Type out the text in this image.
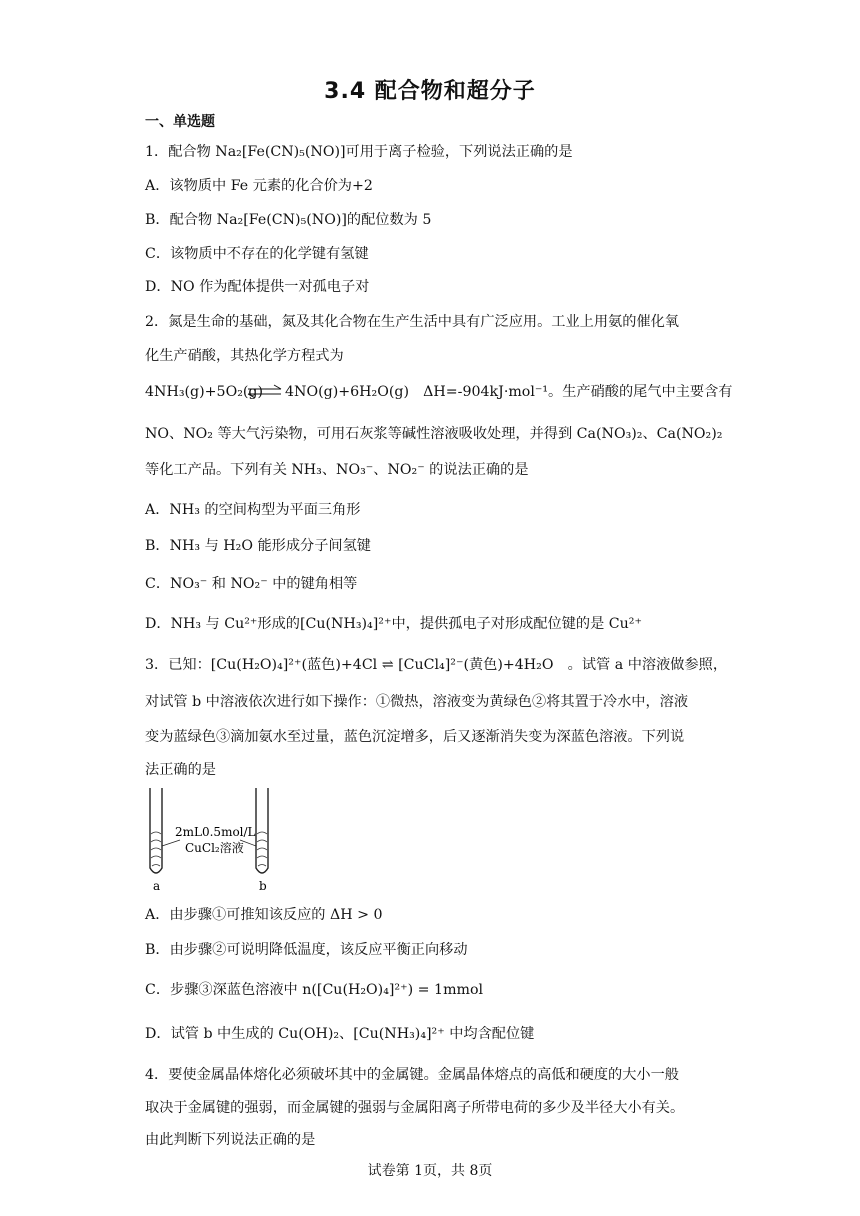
3.4 配合物和超分子
一、单选题
1．配合物 Na₂[Fe(CN)₅(NO)]可用于离子检验，下列说法正确的是
A．该物质中 Fe 元素的化合价为+2
B．配合物 Na₂[Fe(CN)₅(NO)]的配位数为 5
C．该物质中不存在的化学键有氢键
D．NO 作为配体提供一对孤电子对
2．氮是生命的基础，氮及其化合物在生产生活中具有广泛应用。工业上用氨的催化氧
化生产硝酸，其热化学方程式为
4NH₃(g)+5O₂(g) ⇌ 4NO(g)+6H₂O(g)　ΔH=-904kJ·mol⁻¹。生产硝酸的尾气中主要含有
NO、NO₂ 等大气污染物，可用石灰浆等碱性溶液吸收处理，并得到 Ca(NO₃)₂、Ca(NO₂)₂
等化工产品。下列有关 NH₃、NO₃⁻、NO₂⁻ 的说法正确的是
A．NH₃ 的空间构型为平面三角形
B．NH₃ 与 H₂O 能形成分子间氢键
C．NO₃⁻ 和 NO₂⁻ 中的键角相等
D．NH₃ 与 Cu²⁺形成的[Cu(NH₃)₄]²⁺中，提供孤电子对形成配位键的是 Cu²⁺
3．已知：[Cu(H₂O)₄]²⁺(蓝色)+4Cl ⇌ [CuCl₄]²⁻(黄色)+4H₂O　。试管 a 中溶液做参照，
对试管 b 中溶液依次进行如下操作：①微热，溶液变为黄绿色②将其置于冷水中，溶液
变为蓝绿色③滴加氨水至过量，蓝色沉淀增多，后又逐渐消失变为深蓝色溶液。下列说
法正确的是
2mL0.5mol/L
CuCl₂溶液
a	b
A．由步骤①可推知该反应的 ΔH > 0
B．由步骤②可说明降低温度，该反应平衡正向移动
C．步骤③深蓝色溶液中 n([Cu(H₂O)₄]²⁺) = 1mmol
D．试管 b 中生成的 Cu(OH)₂、[Cu(NH₃)₄]²⁺ 中均含配位键
4．要使金属晶体熔化必须破坏其中的金属键。金属晶体熔点的高低和硬度的大小一般
取决于金属键的强弱，而金属键的强弱与金属阳离子所带电荷的多少及半径大小有关。
由此判断下列说法正确的是
试卷第 1页，共 8页
